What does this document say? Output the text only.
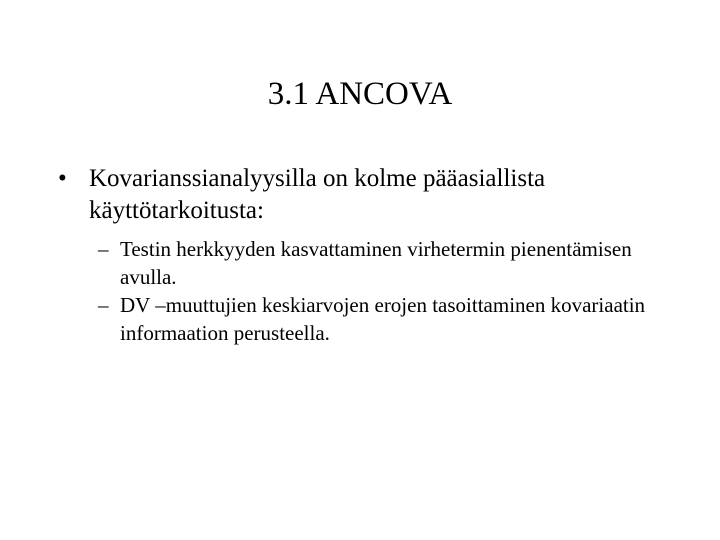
3.1 ANCOVA
• Kovarianssianalyysilla on kolme pääasiallista käyttötarkoitusta:
– Testin herkkyyden kasvattaminen virhetermin pienentämisen avulla.
– DV –muuttujien keskiarvojen erojen tasoittaminen kovariaatin informaation perusteella.
